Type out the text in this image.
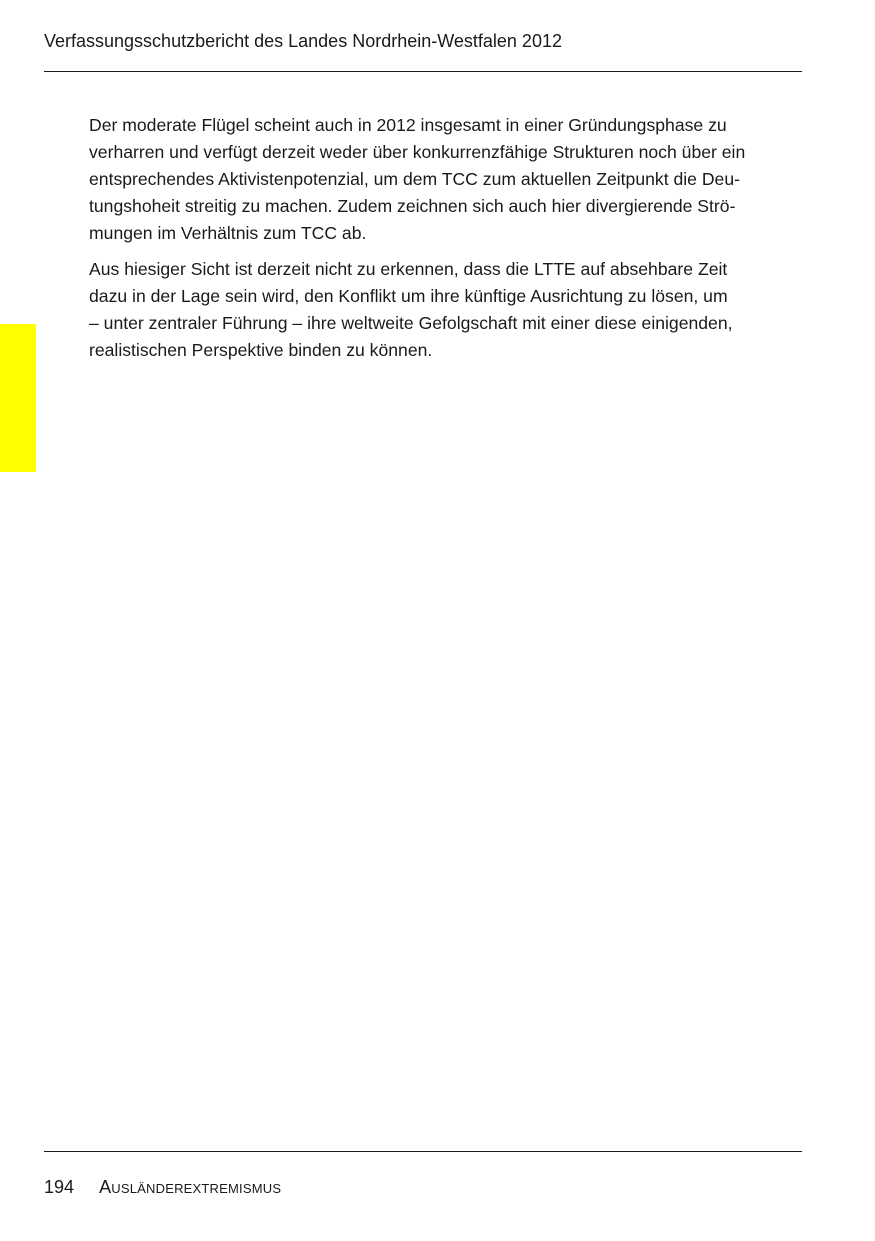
Verfassungsschutzbericht des Landes Nordrhein-Westfalen 2012
Der moderate Flügel scheint auch in 2012 insgesamt in einer Gründungsphase zu
verharren und verfügt derzeit weder über konkurrenzfähige Strukturen noch über ein
entsprechendes Aktivistenpotenzial, um dem TCC zum aktuellen Zeitpunkt die Deu-
tungshoheit streitig zu machen. Zudem zeichnen sich auch hier divergierende Strö-
mungen im Verhältnis zum TCC ab.
Aus hiesiger Sicht ist derzeit nicht zu erkennen, dass die LTTE auf absehbare Zeit
dazu in der Lage sein wird, den Konflikt um ihre künftige Ausrichtung zu lösen, um
– unter zentraler Führung – ihre weltweite Gefolgschaft mit einer diese einigenden,
realistischen Perspektive binden zu können.
194 Ausländerextremismus
